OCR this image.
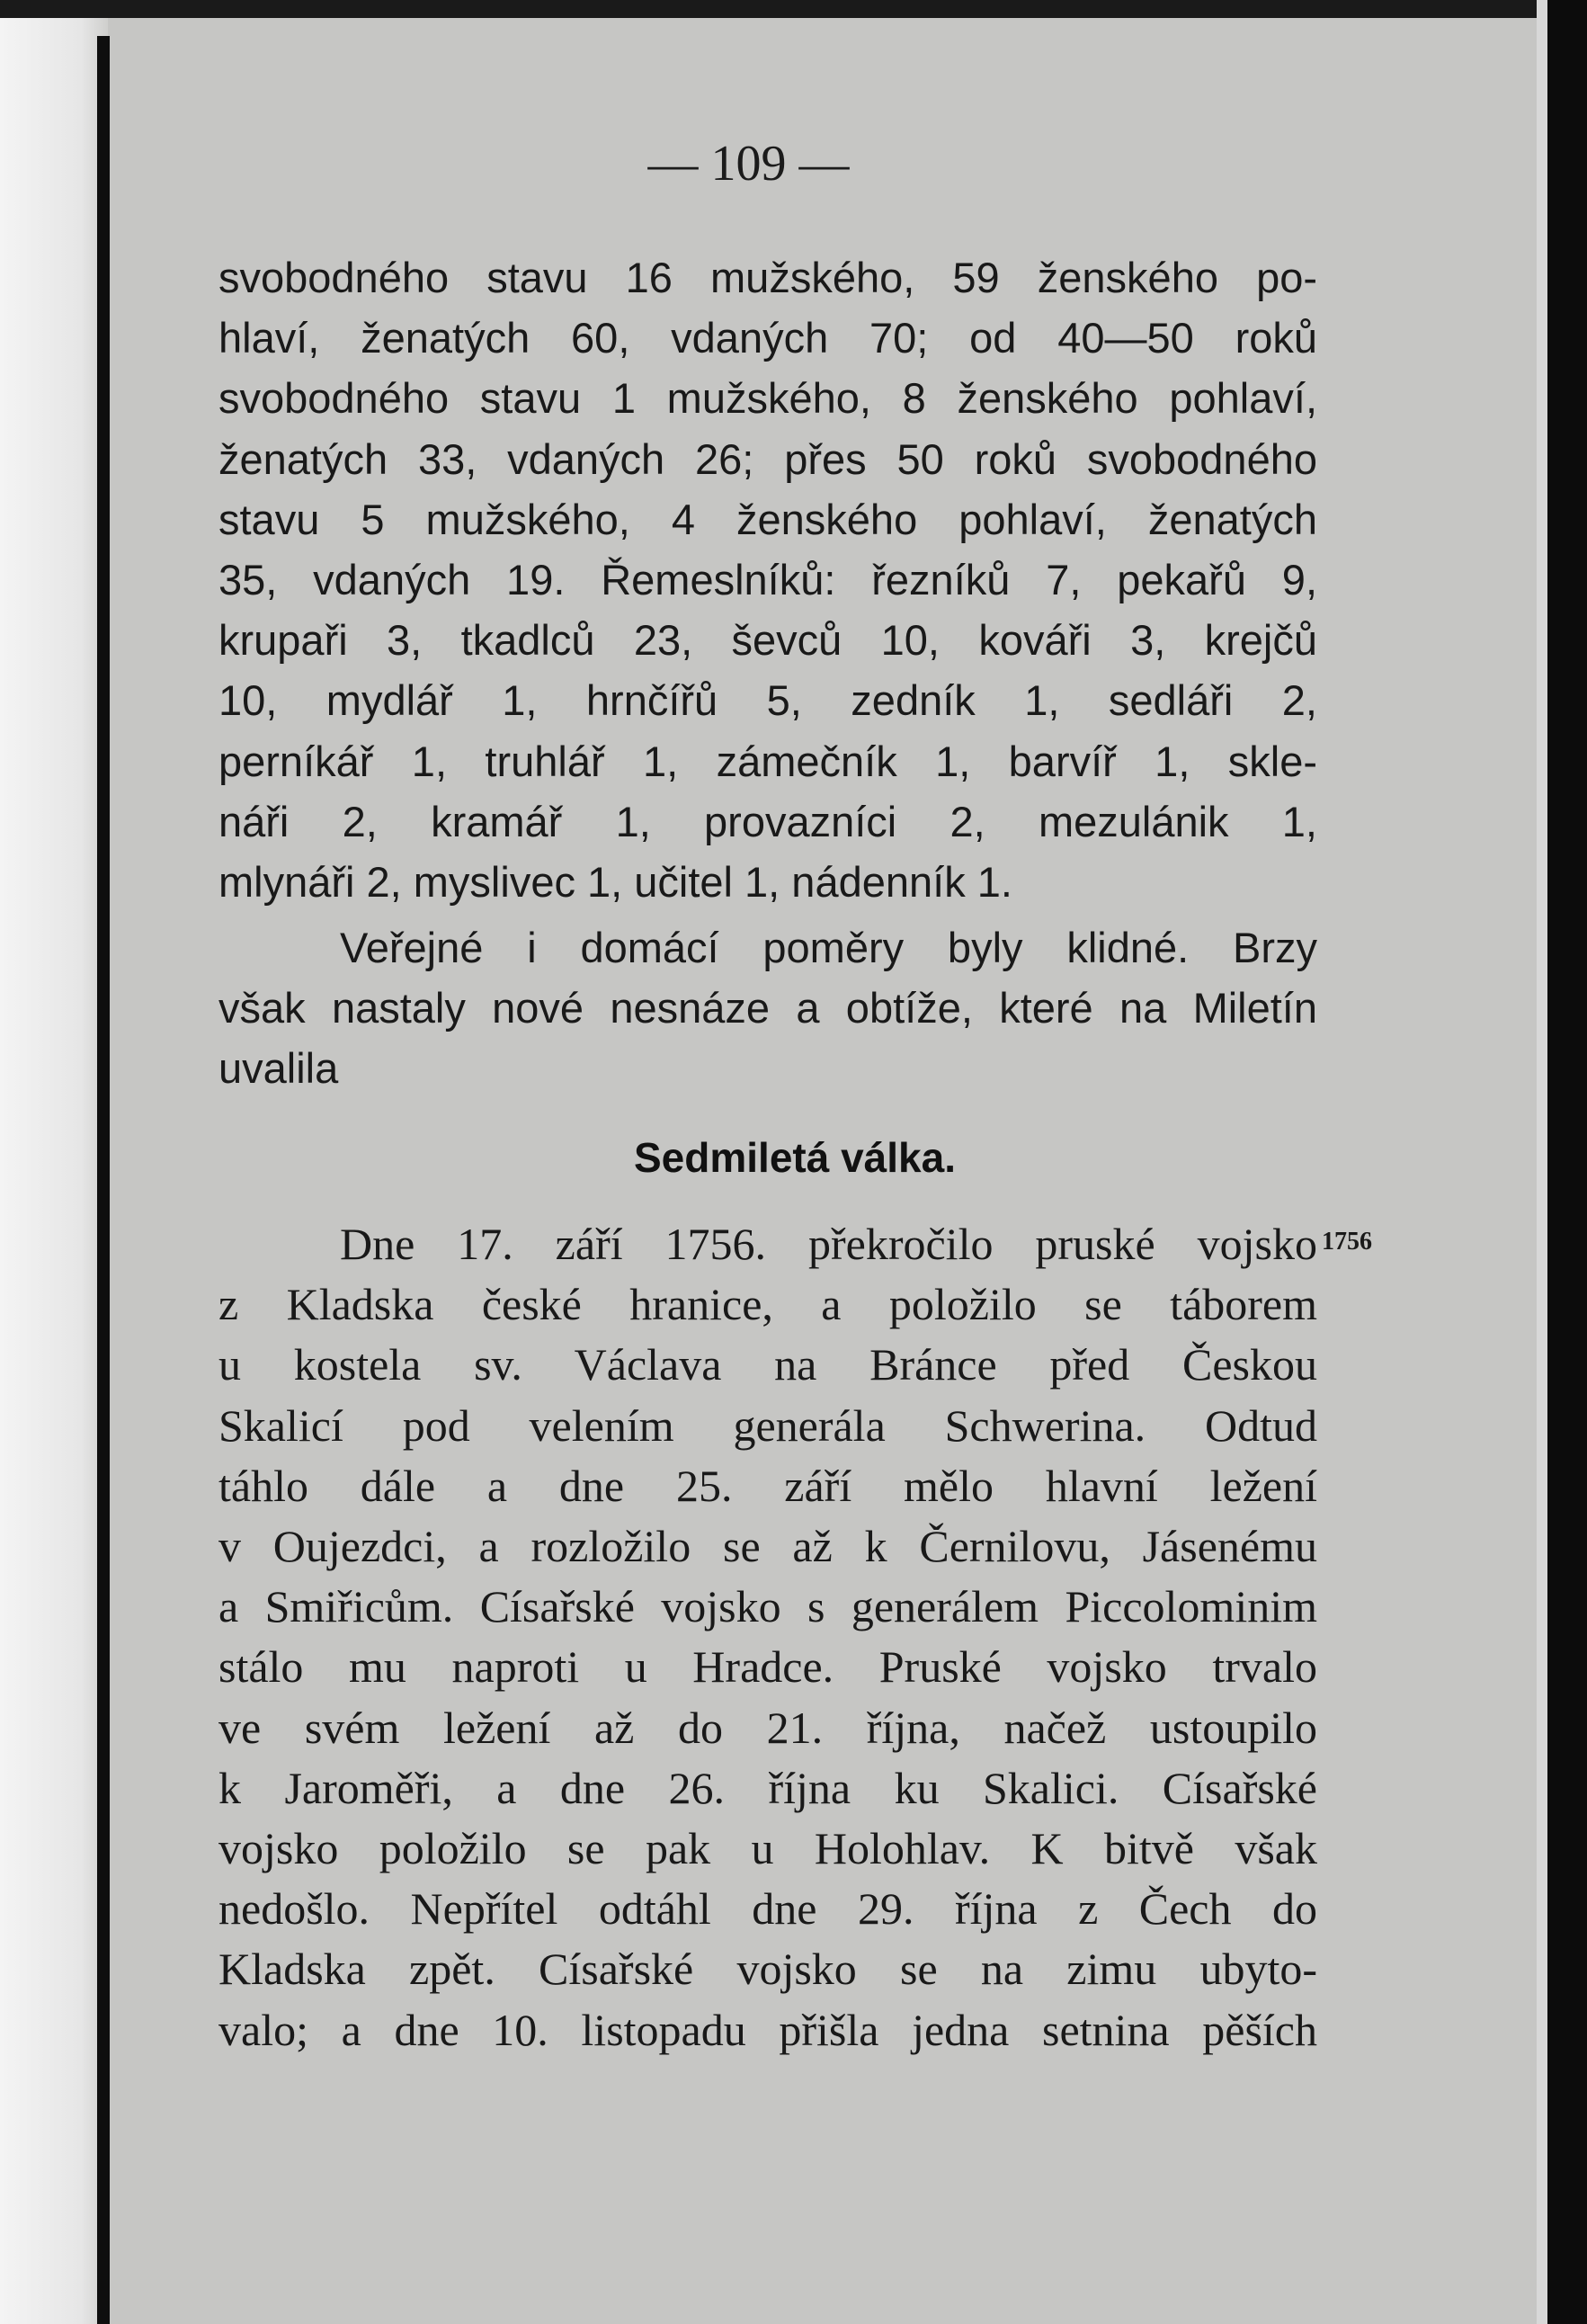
— 109 —
svobodného stavu 16 mužského, 59 ženského po-
hlaví, ženatých 60, vdaných 70; od 40—50 roků
svobodného stavu 1 mužského, 8 ženského pohlaví,
ženatých 33, vdaných 26; přes 50 roků svobodného
stavu 5 mužského, 4 ženského pohlaví, ženatých
35, vdaných 19. Řemeslníků: řezníků 7, pekařů 9,
krupaři 3, tkadlců 23, ševců 10, kováři 3, krejčů
10, mydlář 1, hrnčířů 5, zedník 1, sedláři 2,
perníkář 1, truhlář 1, zámečník 1, barvíř 1, skle-
náři 2, kramář 1, provazníci 2, mezulánik 1,
mlynáři 2, myslivec 1, učitel 1, nádenník 1.
Veřejné i domácí poměry byly klidné. Brzy
však nastaly nové nesnáze a obtíže, které na Miletín
uvalila
Sedmiletá válka.
1756
Dne 17. září 1756. překročilo pruské vojsko
z Kladska české hranice, a položilo se táborem
u kostela sv. Václava na Bránce před Českou
Skalicí pod velením generála Schwerina. Odtud
táhlo dále a dne 25. září mělo hlavní ležení
v Oujezdci, a rozložilo se až k Černilovu, Jásenému
a Smiřicům. Císařské vojsko s generálem Piccolominim
stálo mu naproti u Hradce. Pruské vojsko trvalo
ve svém ležení až do 21. října, načež ustoupilo
k Jaroměři, a dne 26. října ku Skalici. Císařské
vojsko položilo se pak u Holohlav. K bitvě však
nedošlo. Nepřítel odtáhl dne 29. října z Čech do
Kladska zpět. Císařské vojsko se na zimu ubyto-
valo; a dne 10. listopadu přišla jedna setnina pěších
